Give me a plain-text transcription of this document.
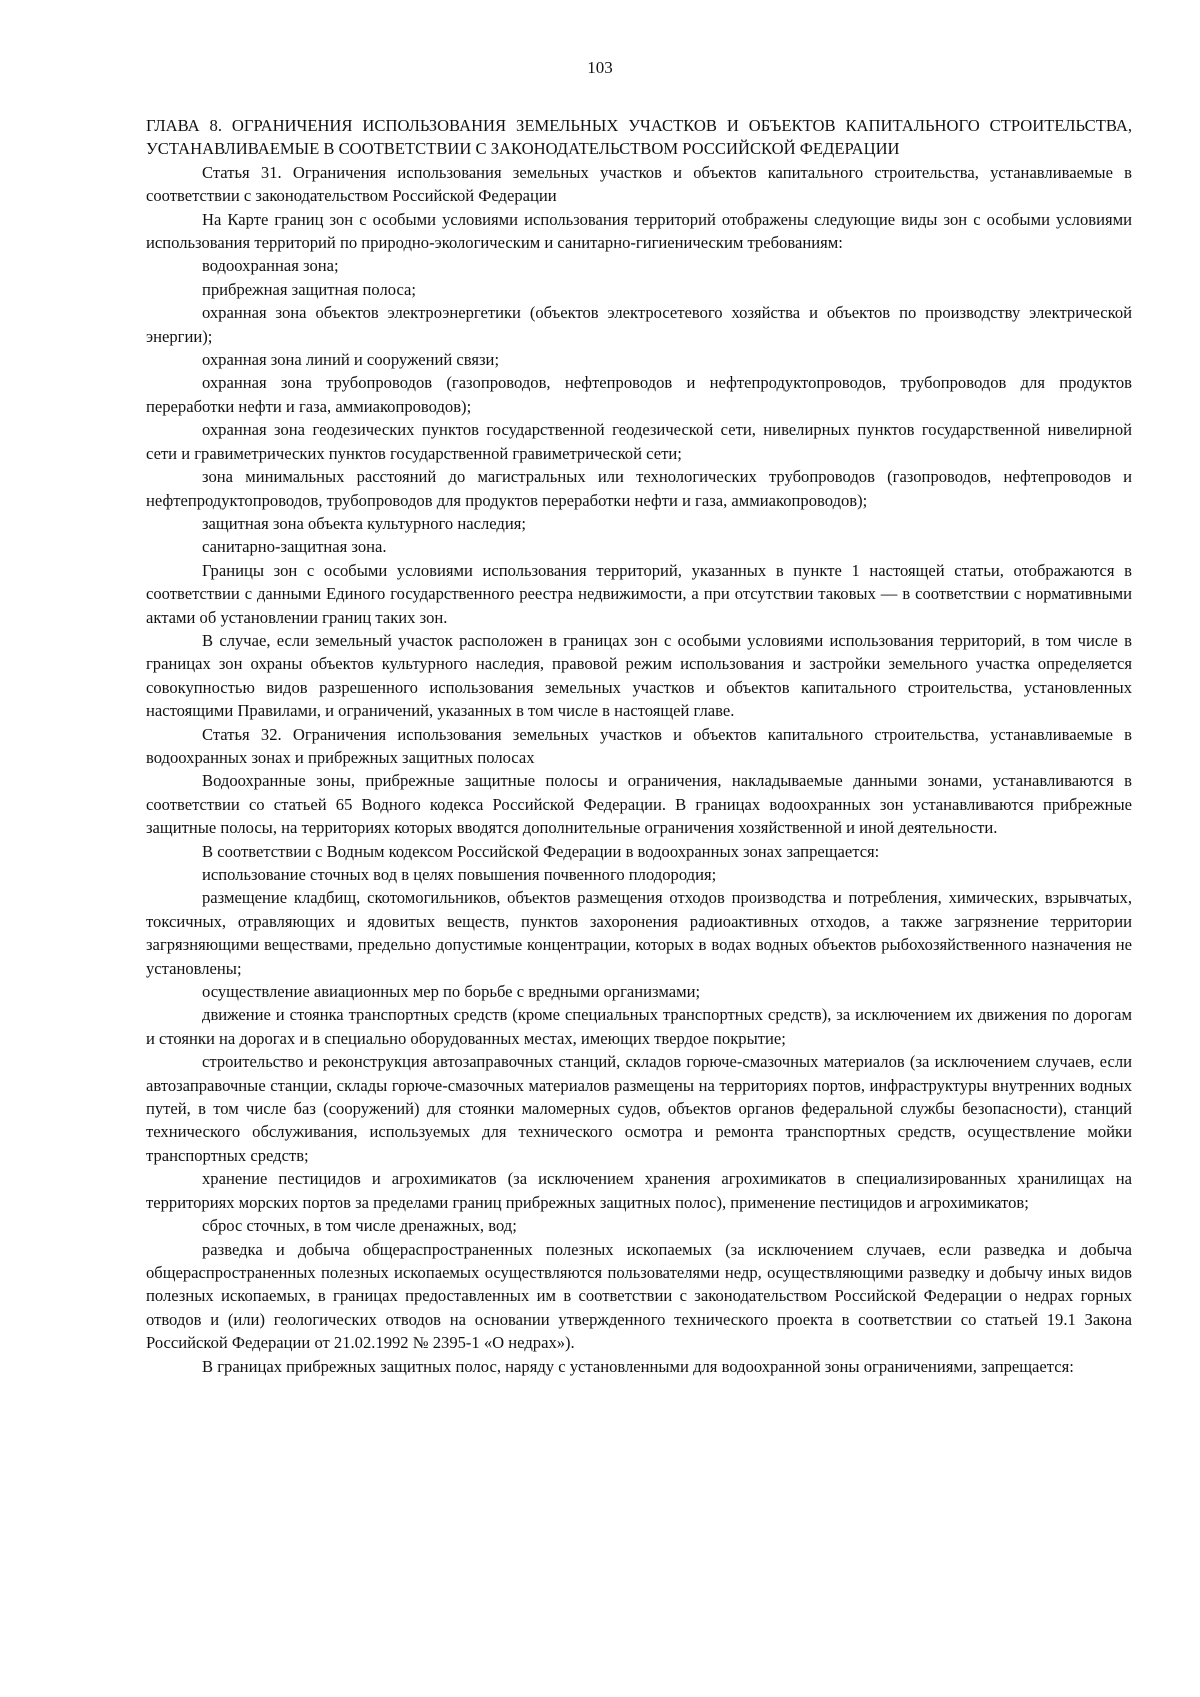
103

ГЛАВА 8. ОГРАНИЧЕНИЯ ИСПОЛЬЗОВАНИЯ ЗЕМЕЛЬНЫХ УЧАСТКОВ И ОБЪЕКТОВ КАПИТАЛЬНОГО СТРОИТЕЛЬСТВА, УСТАНАВЛИВАЕМЫЕ В СООТВЕТСТВИИ С ЗАКОНОДАТЕЛЬСТВОМ РОССИЙСКОЙ ФЕДЕРАЦИИ

Статья 31. Ограничения использования земельных участков и объектов капитального строительства, устанавливаемые в соответствии с законодательством Российской Федерации

На Карте границ зон с особыми условиями использования территорий отображены следующие виды зон с особыми условиями использования территорий по природно-экологическим и санитарно-гигиеническим требованиям:

водоохранная зона;

прибрежная защитная полоса;

охранная зона объектов электроэнергетики (объектов электросетевого хозяйства и объектов по производству электрической энергии);

охранная зона линий и сооружений связи;

охранная зона трубопроводов (газопроводов, нефтепроводов и нефтепродуктопроводов, трубопроводов для продуктов переработки нефти и газа, аммиакопроводов);

охранная зона геодезических пунктов государственной геодезической сети, нивелирных пунктов государственной нивелирной сети и гравиметрических пунктов государственной гравиметрической сети;

зона минимальных расстояний до магистральных или технологических трубопроводов (газопроводов, нефтепроводов и нефтепродуктопроводов, трубопроводов для продуктов переработки нефти и газа, аммиакопроводов);

защитная зона объекта культурного наследия;

санитарно-защитная зона.

Границы зон с особыми условиями использования территорий, указанных в пункте 1 настоящей статьи, отображаются в соответствии с данными Единого государственного реестра недвижимости, а при отсутствии таковых — в соответствии с нормативными актами об установлении границ таких зон.

В случае, если земельный участок расположен в границах зон с особыми условиями использования территорий, в том числе в границах зон охраны объектов культурного наследия, правовой режим использования и застройки земельного участка определяется совокупностью видов разрешенного использования земельных участков и объектов капитального строительства, установленных настоящими Правилами, и ограничений, указанных в том числе в настоящей главе.

Статья 32. Ограничения использования земельных участков и объектов капитального строительства, устанавливаемые в водоохранных зонах и прибрежных защитных полосах

Водоохранные зоны, прибрежные защитные полосы и ограничения, накладываемые данными зонами, устанавливаются в соответствии со статьей 65 Водного кодекса Российской Федерации. В границах водоохранных зон устанавливаются прибрежные защитные полосы, на территориях которых вводятся дополнительные ограничения хозяйственной и иной деятельности.

В соответствии с Водным кодексом Российской Федерации в водоохранных зонах запрещается:

использование сточных вод в целях повышения почвенного плодородия;

размещение кладбищ, скотомогильников, объектов размещения отходов производства и потребления, химических, взрывчатых, токсичных, отравляющих и ядовитых веществ, пунктов захоронения радиоактивных отходов, а также загрязнение территории загрязняющими веществами, предельно допустимые концентрации, которых в водах водных объектов рыбохозяйственного назначения не установлены;

осуществление авиационных мер по борьбе с вредными организмами;

движение и стоянка транспортных средств (кроме специальных транспортных средств), за исключением их движения по дорогам и стоянки на дорогах и в специально оборудованных местах, имеющих твердое покрытие;

строительство и реконструкция автозаправочных станций, складов горюче-смазочных материалов (за исключением случаев, если автозаправочные станции, склады горюче-смазочных материалов размещены на территориях портов, инфраструктуры внутренних водных путей, в том числе баз (сооружений) для стоянки маломерных судов, объектов органов федеральной службы безопасности), станций технического обслуживания, используемых для технического осмотра и ремонта транспортных средств, осуществление мойки транспортных средств;

хранение пестицидов и агрохимикатов (за исключением хранения агрохимикатов в специализированных хранилищах на территориях морских портов за пределами границ прибрежных защитных полос), применение пестицидов и агрохимикатов;

сброс сточных, в том числе дренажных, вод;

разведка и добыча общераспространенных полезных ископаемых (за исключением случаев, если разведка и добыча общераспространенных полезных ископаемых осуществляются пользователями недр, осуществляющими разведку и добычу иных видов полезных ископаемых, в границах предоставленных им в соответствии с законодательством Российской Федерации о недрах горных отводов и (или) геологических отводов на основании утвержденного технического проекта в соответствии со статьей 19.1 Закона Российской Федерации от 21.02.1992 № 2395-1 «О недрах»).

В границах прибрежных защитных полос, наряду с установленными для водоохранной зоны ограничениями, запрещается:
